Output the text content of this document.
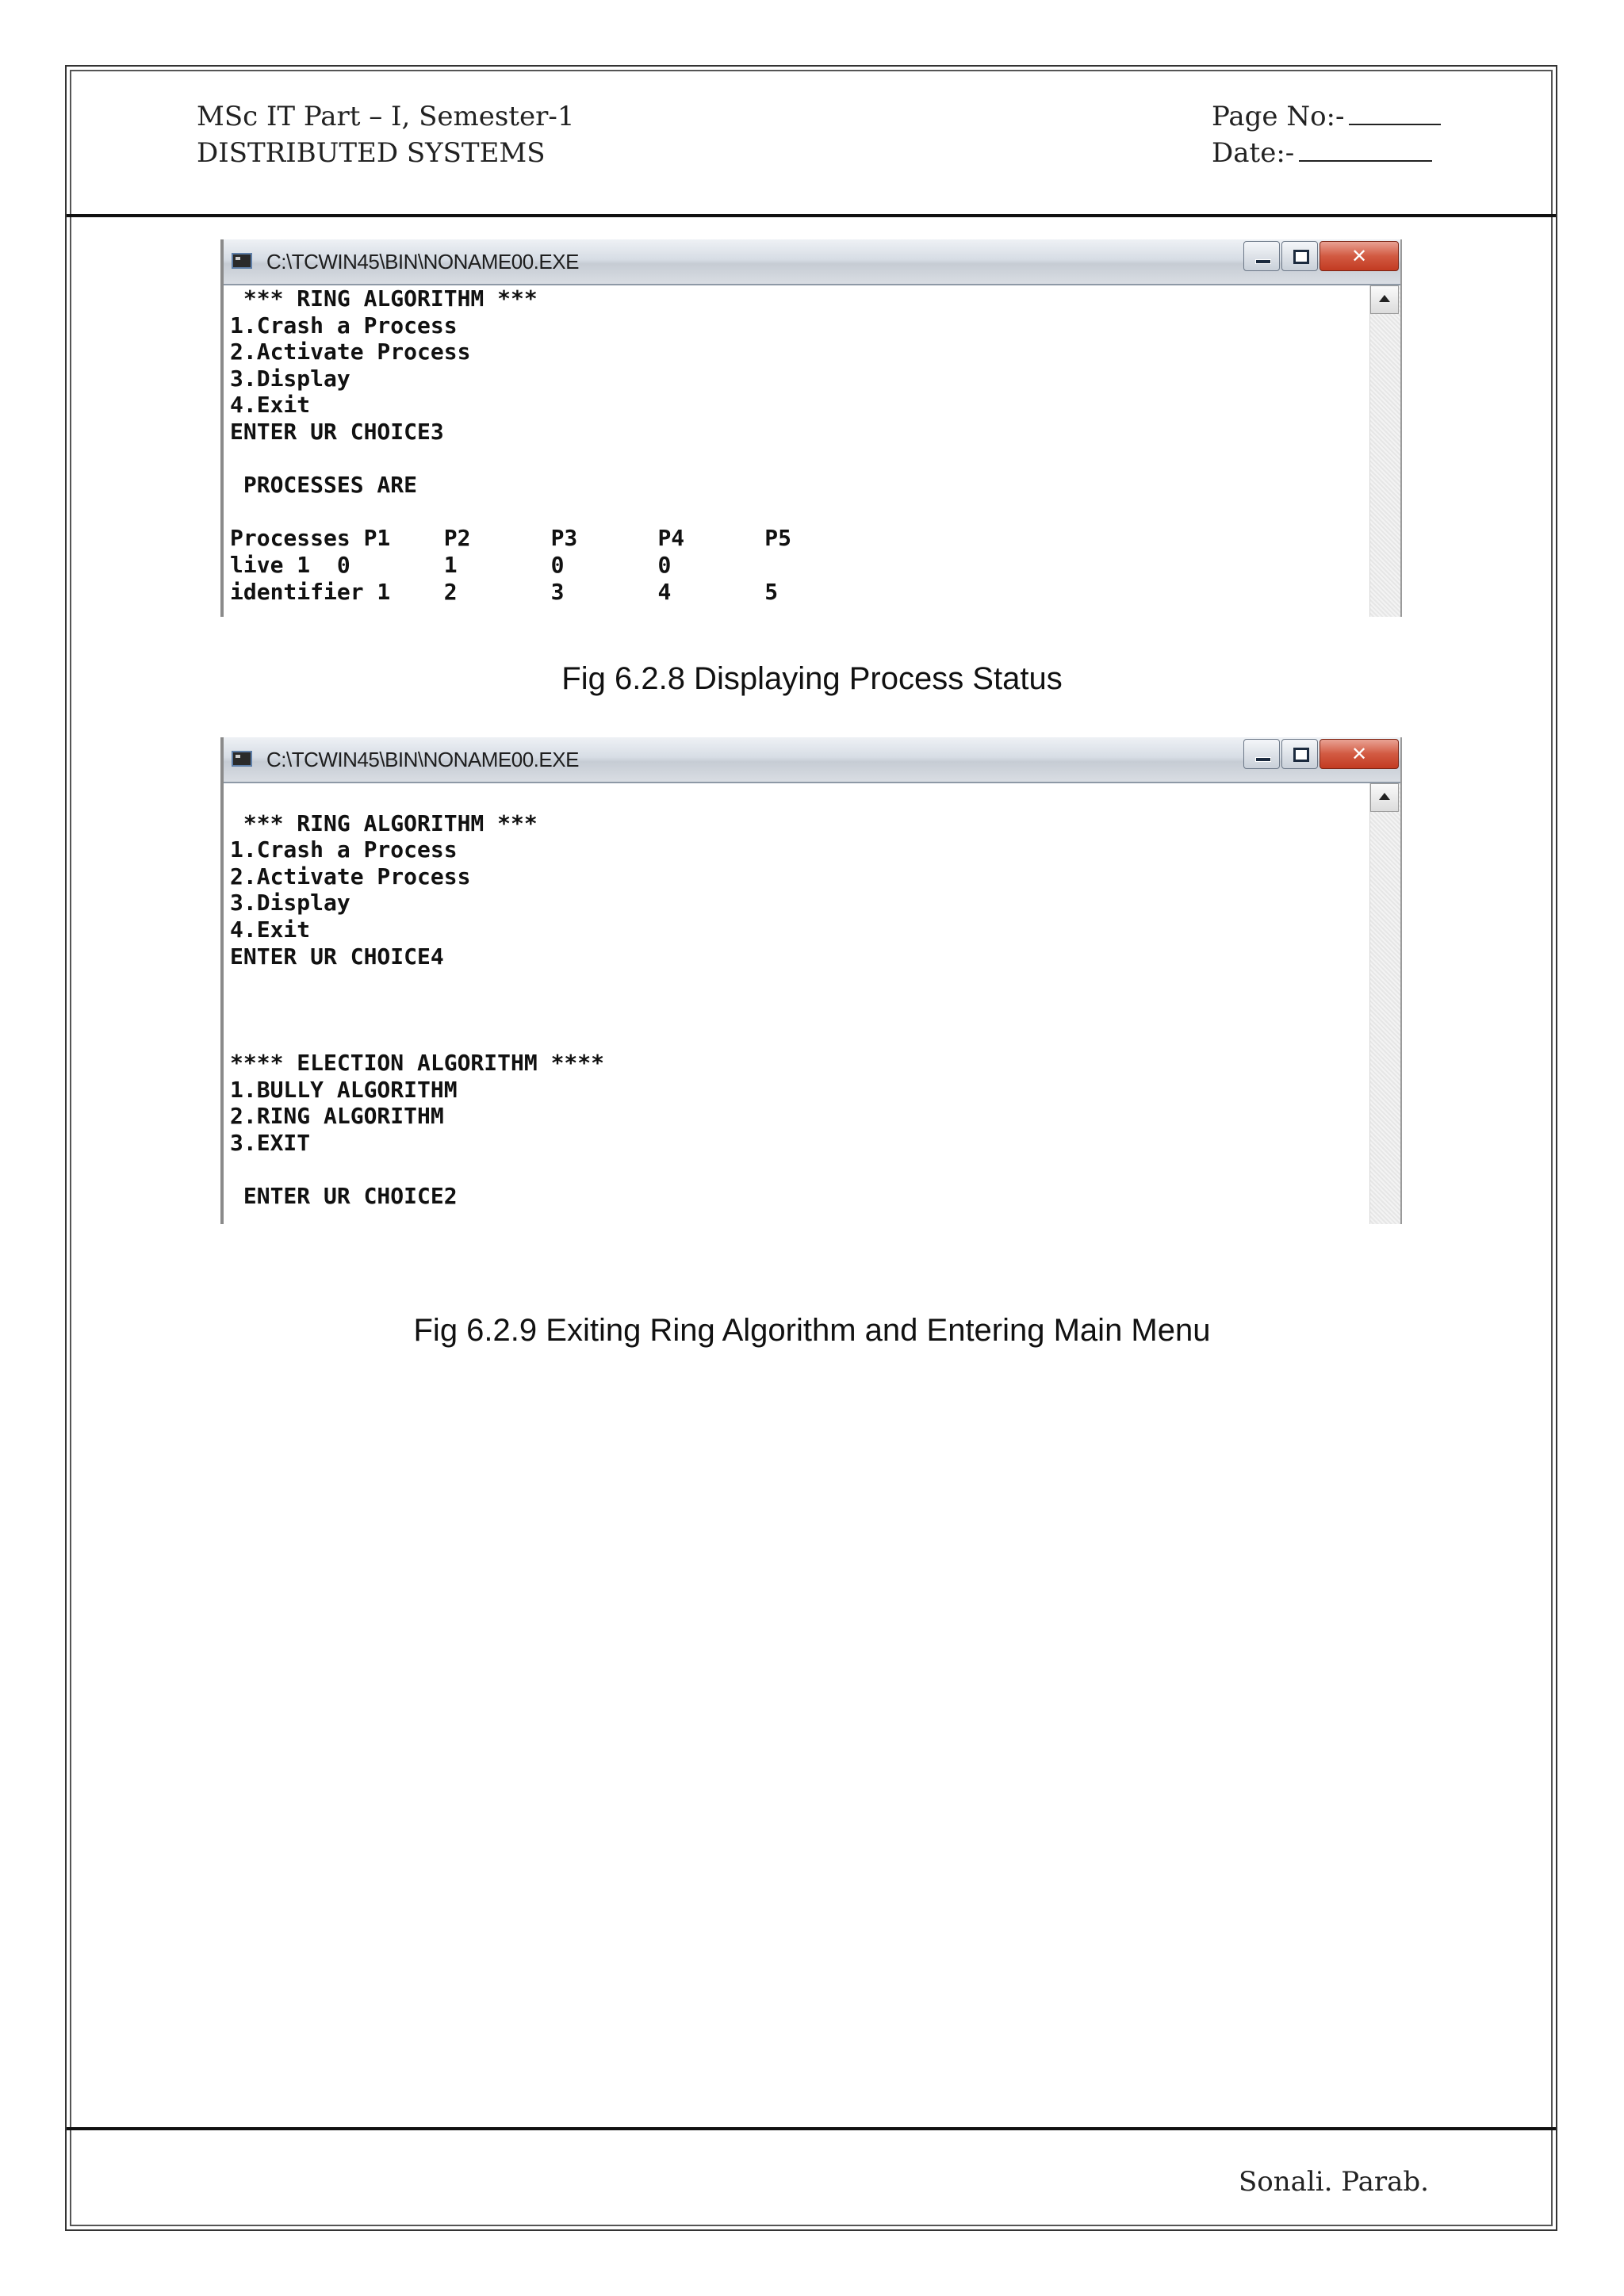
MSc IT Part – I, Semester-1
DISTRIBUTED SYSTEMS
Page No:-
Date:-
C:\TCWIN45\BIN\NONAME00.EXE	✕
*** RING ALGORITHM ***
1.Crash a Process
2.Activate Process
3.Display
4.Exit
ENTER UR CHOICE3

PROCESSES ARE

Processes P1    P2      P3      P4      P5
live 1  0       1       0       0
identifier 1    2       3       4       5
Fig 6.2.8 Displaying Process Status
C:\TCWIN45\BIN\NONAME00.EXE	✕

*** RING ALGORITHM ***
1.Crash a Process
2.Activate Process
3.Display
4.Exit
ENTER UR CHOICE4

**** ELECTION ALGORITHM ****
1.BULLY ALGORITHM
2.RING ALGORITHM
3.EXIT

ENTER UR CHOICE2
Fig 6.2.9 Exiting Ring Algorithm and Entering Main Menu
Sonali. Parab.
